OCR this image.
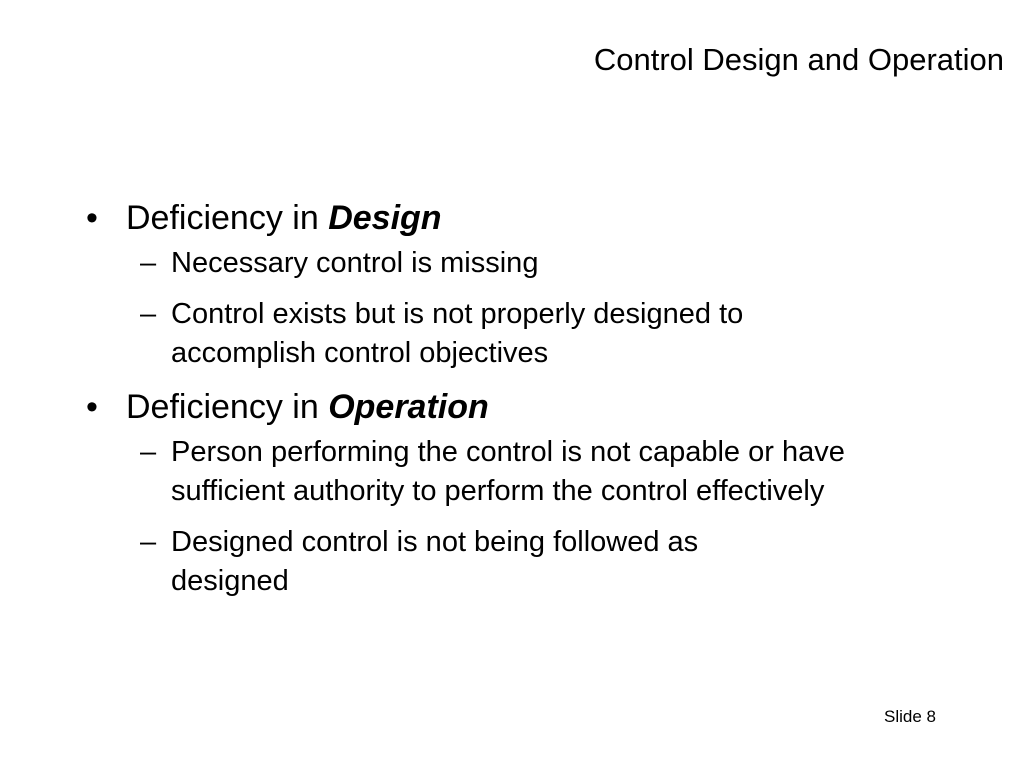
Control Design and Operation
• Deficiency in Design
– Necessary control is missing
– Control exists but is not properly designed to accomplish control objectives
• Deficiency in Operation
– Person performing the control is not capable or have sufficient authority to perform the control effectively
– Designed control is not being followed as designed
Slide 8
